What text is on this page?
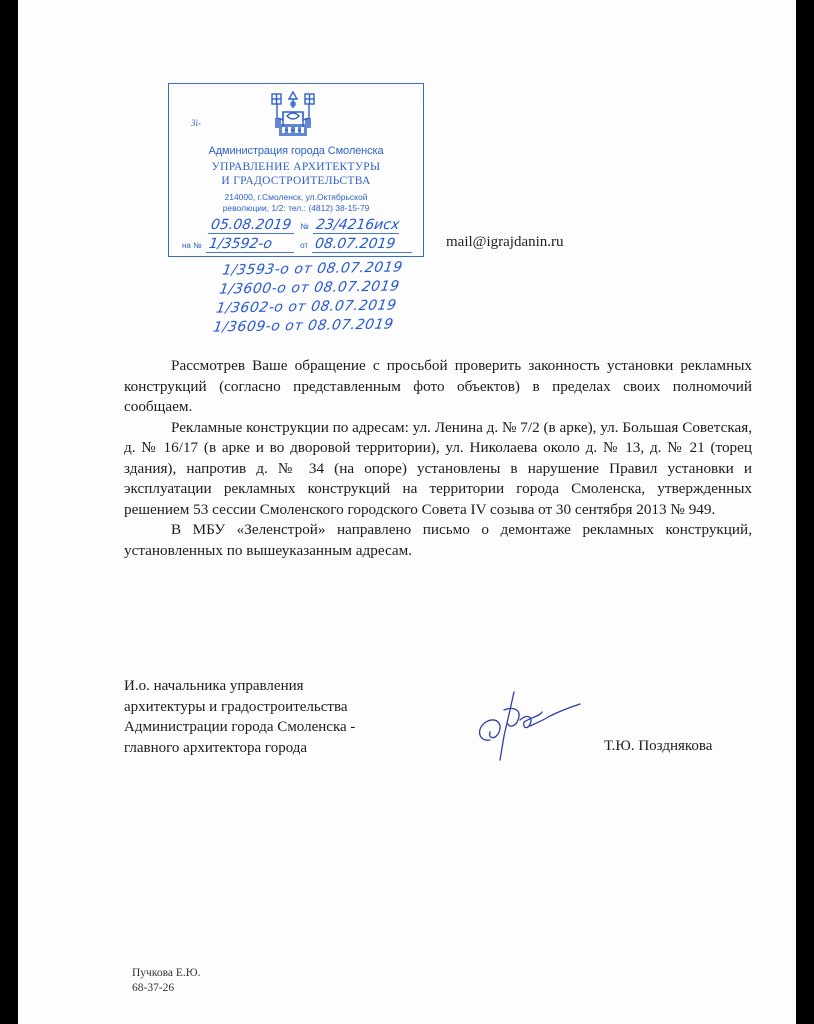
3i-
Администрация города Смоленска
УПРАВЛЕНИЕ АРХИТЕКТУРЫ
И ГРАДОСТРОИТЕЛЬСТВА
214000, г.Смоленск, ул.Октябрьской
революции, 1/2: тел.: (4812) 38-15-79
05.08.2019 № 23/4216исх
на № 1/3592-о	от 08.07.2019
1/3593-о от 08.07.2019
1/3600-о от 08.07.2019
1/3602-о от 08.07.2019
1/3609-о от 08.07.2019
mail@igrajdanin.ru

Рассмотрев Ваше обращение с просьбой проверить законность установки рекламных конструкций (согласно представленным фото объектов) в пределах своих полномочий сообщаем.

Рекламные конструкции по адресам: ул. Ленина д. № 7/2 (в арке), ул. Большая Советская, д. № 16/17 (в арке и во дворовой территории), ул. Николаева около д. № 13, д. № 21 (торец здания), напротив д. № 34 (на опоре) установлены в нарушение Правил установки и эксплуатации рекламных конструкций на территории города Смоленска, утвержденных решением 53 сессии Смоленского городского Совета IV созыва от 30 сентября 2013 № 949.

В МБУ «Зеленстрой» направлено письмо о демонтаже рекламных конструкций, установленных по вышеуказанным адресам.

И.о. начальника управления
архитектуры и градостроительства
Администрации города Смоленска -
главного архитектора города	Т.Ю. Позднякова
Пучкова Е.Ю.
68-37-26
